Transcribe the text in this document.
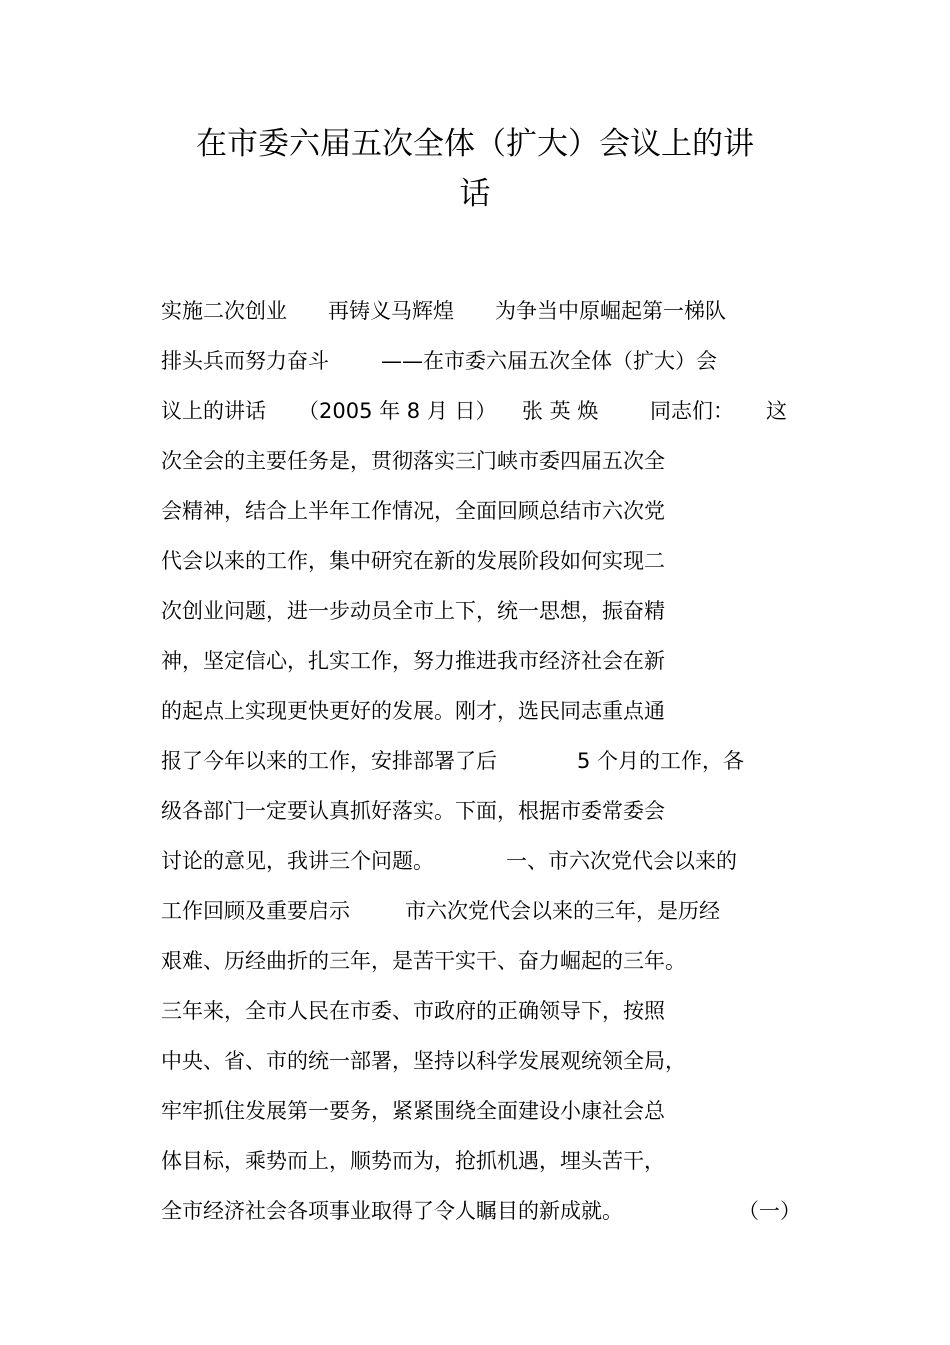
在市委六届五次全体（扩大）会议上的讲
话
实施二次创业 再铸义马辉煌 为争当中原崛起第一梯队
排头兵而努力奋斗 ——在市委六届五次全体（扩大）会
议上的讲话 （2005 年 8 月 日） 张 英 焕 同志们： 这
次全会的主要任务是，贯彻落实三门峡市委四届五次全
会精神，结合上半年工作情况，全面回顾总结市六次党
代会以来的工作，集中研究在新的发展阶段如何实现二
次创业问题，进一步动员全市上下，统一思想，振奋精
神，坚定信心，扎实工作，努力推进我市经济社会在新
的起点上实现更快更好的发展。刚才，选民同志重点通
报了今年以来的工作，安排部署了后	5 个月的工作，各
级各部门一定要认真抓好落实。下面，根据市委常委会
讨论的意见，我讲三个问题。	一、市六次党代会以来的
工作回顾及重要启示	市六次党代会以来的三年，是历经
艰难、历经曲折的三年，是苦干实干、奋力崛起的三年。
三年来，全市人民在市委、市政府的正确领导下，按照
中央、省、市的统一部署，坚持以科学发展观统领全局，
牢牢抓住发展第一要务，紧紧围绕全面建设小康社会总
体目标，乘势而上，顺势而为，抢抓机遇，埋头苦干，
全市经济社会各项事业取得了令人瞩目的新成就。	（一）
